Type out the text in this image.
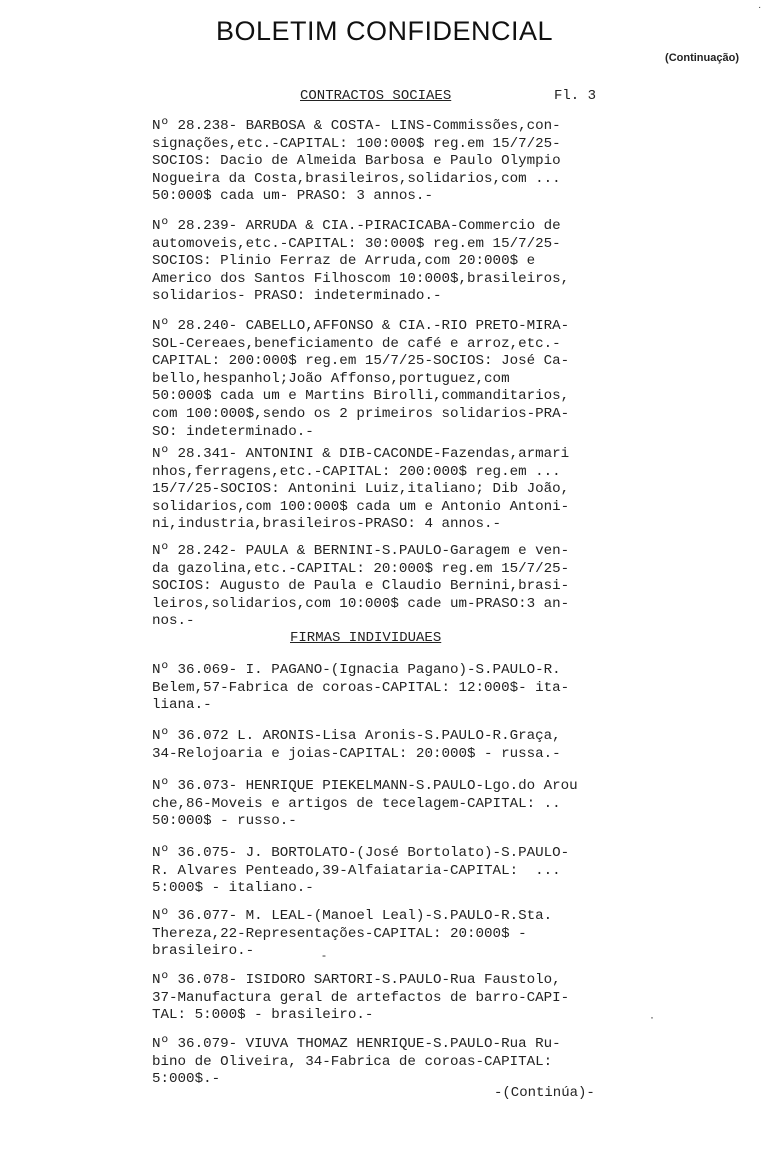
BOLETIM CONFIDENCIAL
(Continuação)
CONTRACTOS SOCIAES	Fl. 3
Nº 28.238- BARBOSA & COSTA- LINS-Commissões,con-
signações,etc.-CAPITAL: 100:000$ reg.em 15/7/25-
SOCIOS: Dacio de Almeida Barbosa e Paulo Olympio
Nogueira da Costa,brasileiros,solidarios,com ...
50:000$ cada um- PRASO: 3 annos.-
Nº 28.239- ARRUDA & CIA.-PIRACICABA-Commercio de
automoveis,etc.-CAPITAL: 30:000$ reg.em 15/7/25-
SOCIOS: Plinio Ferraz de Arruda,com 20:000$ e
Americo dos Santos Filhoscom 10:000$,brasileiros,
solidarios- PRASO: indeterminado.-
Nº 28.240- CABELLO,AFFONSO & CIA.-RIO PRETO-MIRA-
SOL-Cereaes,beneficiamento de café e arroz,etc.-
CAPITAL: 200:000$ reg.em 15/7/25-SOCIOS: José Ca-
bello,hespanhol;João Affonso,portuguez,com
50:000$ cada um e Martins Birolli,commanditarios,
com 100:000$,sendo os 2 primeiros solidarios-PRA-
SO: indeterminado.-
Nº 28.341- ANTONINI & DIB-CACONDE-Fazendas,armari
nhos,ferragens,etc.-CAPITAL: 200:000$ reg.em ...
15/7/25-SOCIOS: Antonini Luiz,italiano; Dib João,
solidarios,com 100:000$ cada um e Antonio Antoni-
ni,industria,brasileiros-PRASO: 4 annos.-
Nº 28.242- PAULA & BERNINI-S.PAULO-Garagem e ven-
da gazolina,etc.-CAPITAL: 20:000$ reg.em 15/7/25-
SOCIOS: Augusto de Paula e Claudio Bernini,brasi-
leiros,solidarios,com 10:000$ cade um-PRASO:3 an-
nos.-
FIRMAS INDIVIDUAES
Nº 36.069- I. PAGANO-(Ignacia Pagano)-S.PAULO-R.
Belem,57-Fabrica de coroas-CAPITAL: 12:000$- ita-
liana.-
Nº 36.072 L. ARONIS-Lisa Aronis-S.PAULO-R.Graça,
34-Relojoaria e joias-CAPITAL: 20:000$ - russa.-
Nº 36.073- HENRIQUE PIEKELMANN-S.PAULO-Lgo.do Arou
che,86-Moveis e artigos de tecelagem-CAPITAL: ..
50:000$ - russo.-
Nº 36.075- J. BORTOLATO-(José Bortolato)-S.PAULO-
R. Alvares Penteado,39-Alfaiataria-CAPITAL:  ...
5:000$ - italiano.-
Nº 36.077- M. LEAL-(Manoel Leal)-S.PAULO-R.Sta.
Thereza,22-Representações-CAPITAL: 20:000$ -
brasileiro.-
Nº 36.078- ISIDORO SARTORI-S.PAULO-Rua Faustolo,
37-Manufactura geral de artefactos de barro-CAPI-
TAL: 5:000$ - brasileiro.-
Nº 36.079- VIUVA THOMAZ HENRIQUE-S.PAULO-Rua Ru-
bino de Oliveira, 34-Fabrica de coroas-CAPITAL:
5:000$.-
-(Continúa)-
·
-
·
